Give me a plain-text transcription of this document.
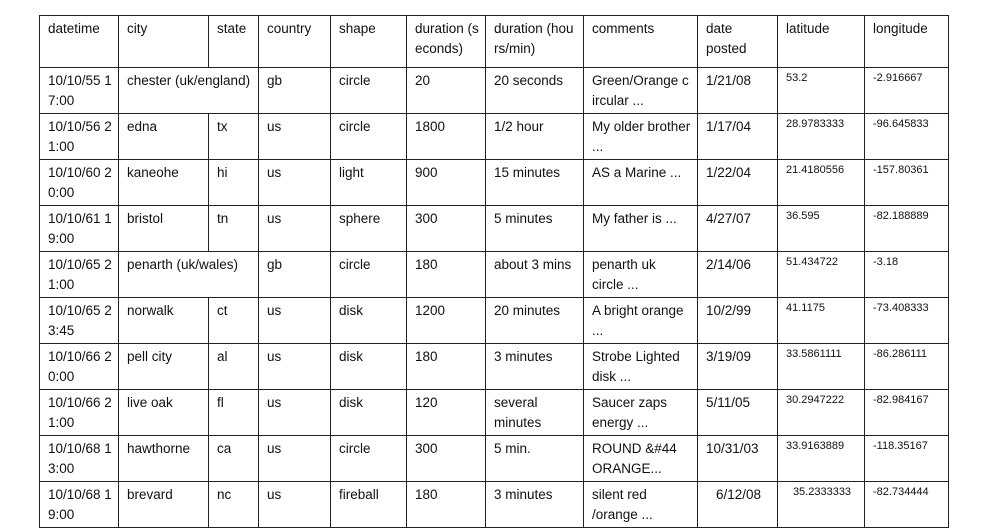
datetime	city	state	country	shape	duration (seconds)	duration (hours/min)	comments	date posted	latitude	longitude
10/10/55 17:00	chester (uk/england)		gb	circle	20	20 seconds	Green/Orange circular ...	1/21/08	53.2	-2.916667
10/10/56 21:00	edna	tx	us	circle	1800	1/2 hour	My older brother ...	1/17/04	28.9783333	-96.645833
10/10/60 20:00	kaneohe	hi	us	light	900	15 minutes	AS a Marine ...	1/22/04	21.4180556	-157.80361
10/10/61 19:00	bristol	tn	us	sphere	300	5 minutes	My father is ...	4/27/07	36.595	-82.188889
10/10/65 21:00	penarth (uk/wales)		gb	circle	180	about 3 mins	penarth uk circle ...	2/14/06	51.434722	-3.18
10/10/65 23:45	norwalk	ct	us	disk	1200	20 minutes	A bright orange ...	10/2/99	41.1175	-73.408333
10/10/66 20:00	pell city	al	us	disk	180	3 minutes	Strobe Lighted disk ...	3/19/09	33.5861111	-86.286111
10/10/66 21:00	live oak	fl	us	disk	120	several minutes	Saucer zaps energy ...	5/11/05	30.2947222	-82.984167
10/10/68 13:00	hawthorne	ca	us	circle	300	5 min.	ROUND &#44 ORANGE...	10/31/03	33.9163889	-118.35167
10/10/68 19:00	brevard	nc	us	fireball	180	3 minutes	silent red /orange ...	6/12/08	35.2333333	-82.734444
